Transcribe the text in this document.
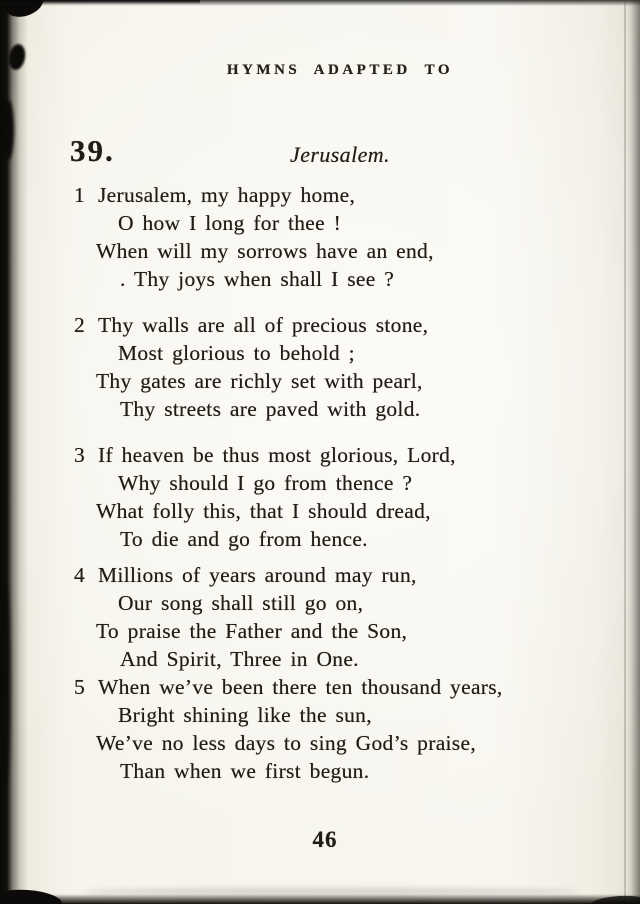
HYMNS ADAPTED TO
39.	Jerusalem.
1 Jerusalem, my happy home,
O how I long for thee !
When will my sorrows have an end,
. Thy joys when shall I see ?
2 Thy walls are all of precious stone,
Most glorious to behold ;
Thy gates are richly set with pearl,
Thy streets are paved with gold.
3 If heaven be thus most glorious, Lord,
Why should I go from thence ?
What folly this, that I should dread,
To die and go from hence.
4 Millions of years around may run,
Our song shall still go on,
To praise the Father and the Son,
And Spirit, Three in One.
5 When we’ve been there ten thousand years,
Bright shining like the sun,
We’ve no less days to sing God’s praise,
Than when we first begun.
46
